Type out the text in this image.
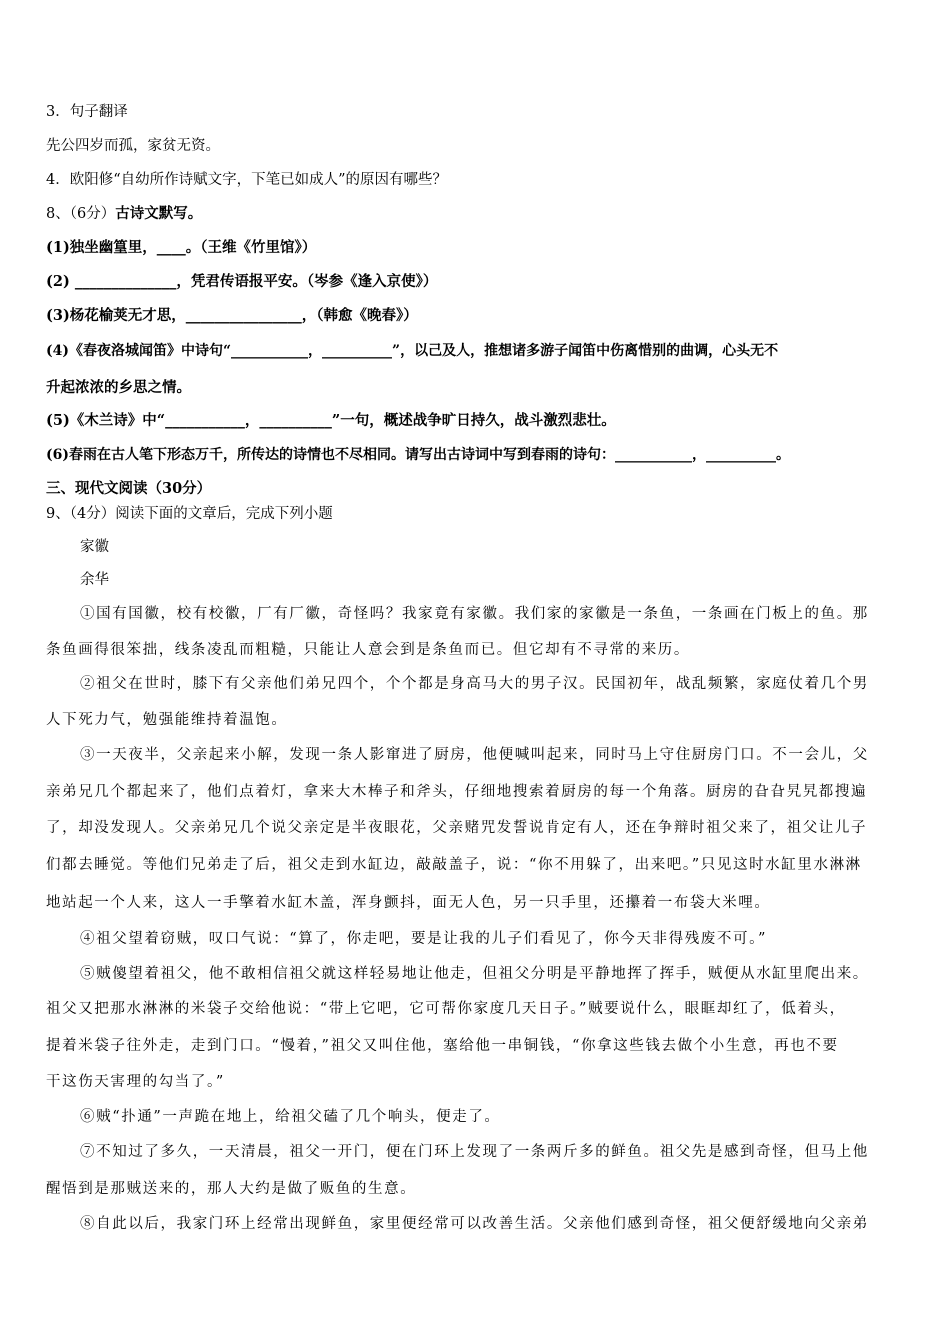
3．句子翻译
先公四岁而孤，家贫无资。
4．欧阳修“自幼所作诗赋文字，下笔已如成人”的原因有哪些？
8、（6分）古诗文默写。
(1)独坐幽篁里，____。（王维《竹里馆》）
(2) ______________，凭君传语报平安。（岑参《逢入京使》）
(3)杨花榆荚无才思，________________，（韩愈《晚春》）
(4)《春夜洛城闻笛》中诗句“___________，__________”，以己及人，推想诸多游子闻笛中伤离惜别的曲调，心头无不
升起浓浓的乡思之情。
(5)《木兰诗》中“___________，__________”一句，概述战争旷日持久，战斗激烈悲壮。
(6)春雨在古人笔下形态万千，所传达的诗情也不尽相同。请写出古诗词中写到春雨的诗句：___________，__________。
三、现代文阅读（30分）
9、（4分）阅读下面的文章后，完成下列小题
家徽
余华
①国有国徽，校有校徽，厂有厂徽，奇怪吗？我家竟有家徽。我们家的家徽是一条鱼，一条画在门板上的鱼。那
条鱼画得很笨拙，线条凌乱而粗糙，只能让人意会到是条鱼而已。但它却有不寻常的来历。
②祖父在世时，膝下有父亲他们弟兄四个，个个都是身高马大的男子汉。民国初年，战乱频繁，家庭仗着几个男
人下死力气，勉强能维持着温饱。
③一天夜半，父亲起来小解，发现一条人影窜进了厨房，他便喊叫起来，同时马上守住厨房门口。不一会儿，父
亲弟兄几个都起来了，他们点着灯，拿来大木棒子和斧头，仔细地搜索着厨房的每一个角落。厨房的旮旮旯旯都搜遍
了，却没发现人。父亲弟兄几个说父亲定是半夜眼花，父亲赌咒发誓说肯定有人，还在争辩时祖父来了，祖父让儿子
们都去睡觉。等他们兄弟走了后，祖父走到水缸边，敲敲盖子，说：“你不用躲了，出来吧。”只见这时水缸里水淋淋
地站起一个人来，这人一手擎着水缸木盖，浑身颤抖，面无人色，另一只手里，还攥着一布袋大米哩。
④祖父望着窃贼，叹口气说：“算了，你走吧，要是让我的儿子们看见了，你今天非得残废不可。”
⑤贼傻望着祖父，他不敢相信祖父就这样轻易地让他走，但祖父分明是平静地挥了挥手，贼便从水缸里爬出来。
祖父又把那水淋淋的米袋子交给他说：“带上它吧，它可帮你家度几天日子。”贼要说什么，眼眶却红了，低着头，
提着米袋子往外走，走到门口。“慢着，”祖父又叫住他，塞给他一串铜钱，“你拿这些钱去做个小生意，再也不要
干这伤天害理的勾当了。”
⑥贼“扑通”一声跪在地上，给祖父磕了几个响头，便走了。
⑦不知过了多久，一天清晨，祖父一开门，便在门环上发现了一条两斤多的鲜鱼。祖父先是感到奇怪，但马上他
醒悟到是那贼送来的，那人大约是做了贩鱼的生意。
⑧自此以后，我家门环上经常出现鲜鱼，家里便经常可以改善生活。父亲他们感到奇怪，祖父便舒缓地向父亲弟
